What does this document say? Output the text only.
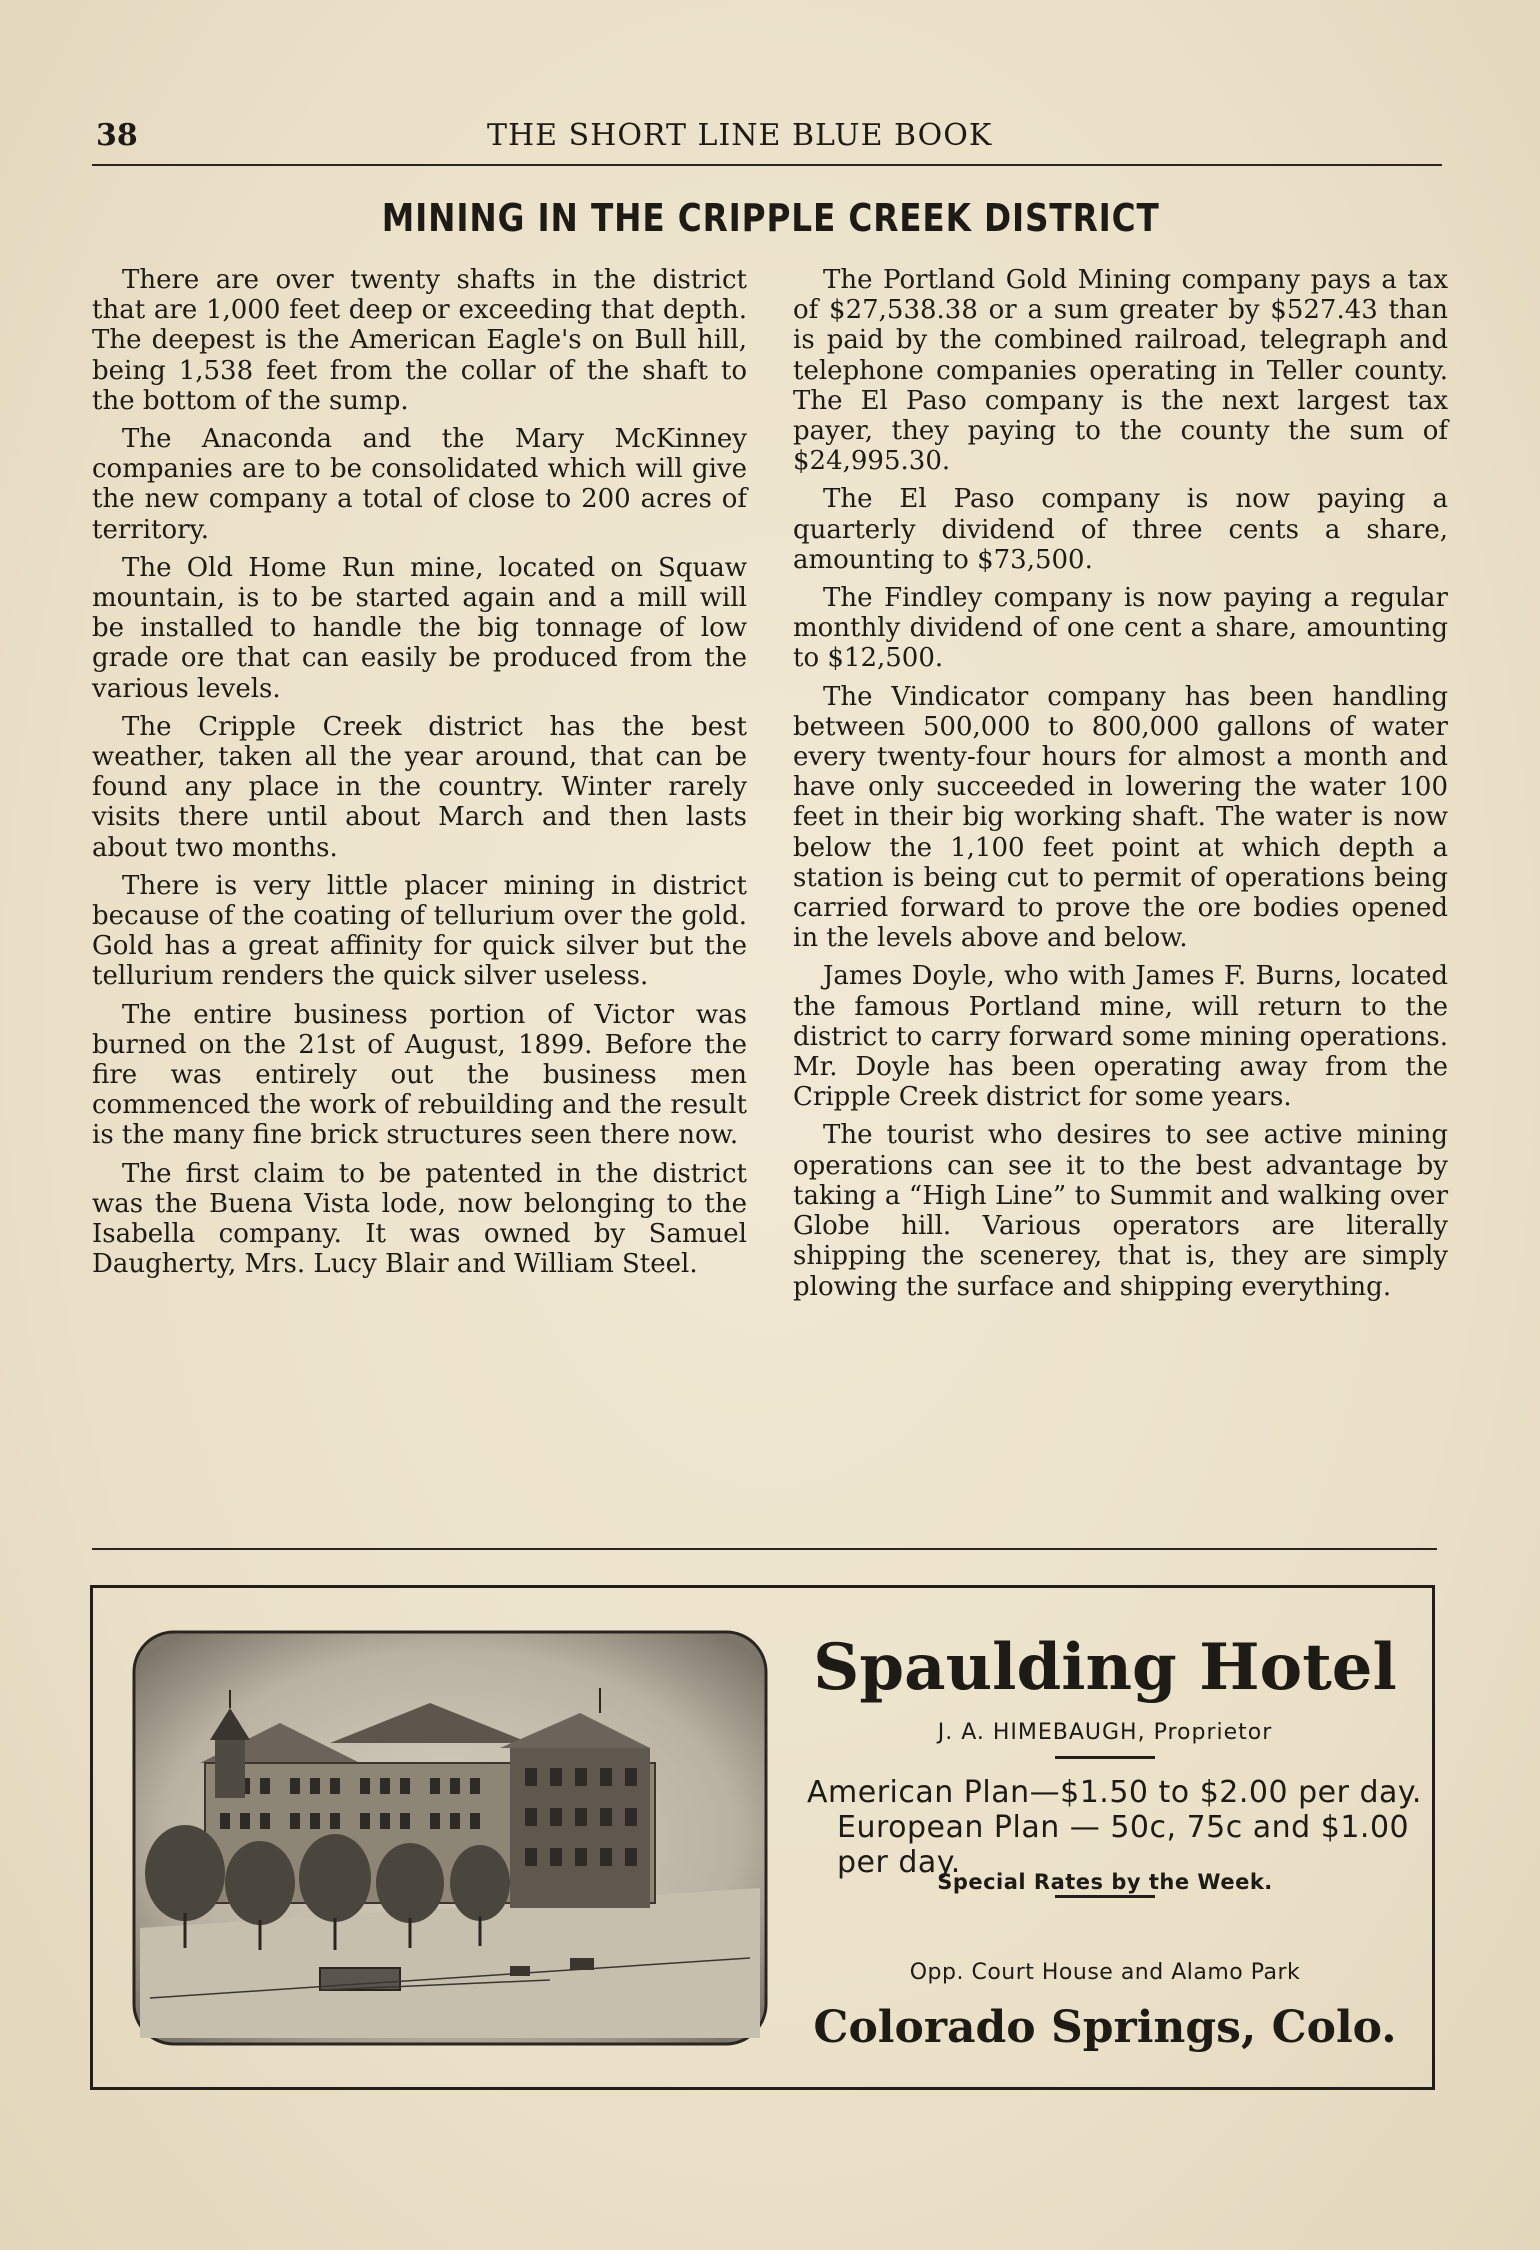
38	THE SHORT LINE BLUE BOOK
MINING IN THE CRIPPLE CREEK DISTRICT

There are over twenty shafts in the district that are 1,000 feet deep or exceeding that depth. The deepest is the American Eagle's on Bull hill, being 1,538 feet from the collar of the shaft to the bottom of the sump.

The Anaconda and the Mary McKinney companies are to be consolidated which will give the new company a total of close to 200 acres of territory.

The Old Home Run mine, located on Squaw mountain, is to be started again and a mill will be installed to handle the big tonnage of low grade ore that can easily be produced from the various levels.

The Cripple Creek district has the best weather, taken all the year around, that can be found any place in the country. Winter rarely visits there until about March and then lasts about two months.

There is very little placer mining in district because of the coating of tellurium over the gold. Gold has a great affinity for quick silver but the tellurium renders the quick silver useless.

The entire business portion of Victor was burned on the 21st of August, 1899. Before the fire was entirely out the business men commenced the work of rebuilding and the result is the many fine brick structures seen there now.

The first claim to be patented in the district was the Buena Vista lode, now belonging to the Isabella company. It was owned by Samuel Daugherty, Mrs. Lucy Blair and William Steel.

The Portland Gold Mining company pays a tax of $27,538.38 or a sum greater by $527.43 than is paid by the combined railroad, telegraph and telephone companies operating in Teller county. The El Paso company is the next largest tax payer, they paying to the county the sum of $24,995.30.

The El Paso company is now paying a quarterly dividend of three cents a share, amounting to $73,500.

The Findley company is now paying a regular monthly dividend of one cent a share, amounting to $12,500.

The Vindicator company has been handling between 500,000 to 800,000 gallons of water every twenty-four hours for almost a month and have only succeeded in lowering the water 100 feet in their big working shaft. The water is now below the 1,100 feet point at which depth a station is being cut to permit of operations being carried forward to prove the ore bodies opened in the levels above and below.

James Doyle, who with James F. Burns, located the famous Portland mine, will return to the district to carry forward some mining operations. Mr. Doyle has been operating away from the Cripple Creek district for some years.

The tourist who desires to see active mining operations can see it to the best advantage by taking a “High Line” to Summit and walking over Globe hill. Various operators are literally shipping the scenerey, that is, they are simply plowing the surface and shipping everything.

Spaulding Hotel
J. A. HIMEBAUGH, Proprietor
American Plan—$1.50 to $2.00 per day. European Plan — 50c, 75c and $1.00 per day.
Special Rates by the Week.
Opp. Court House and Alamo Park
Colorado Springs, Colo.
